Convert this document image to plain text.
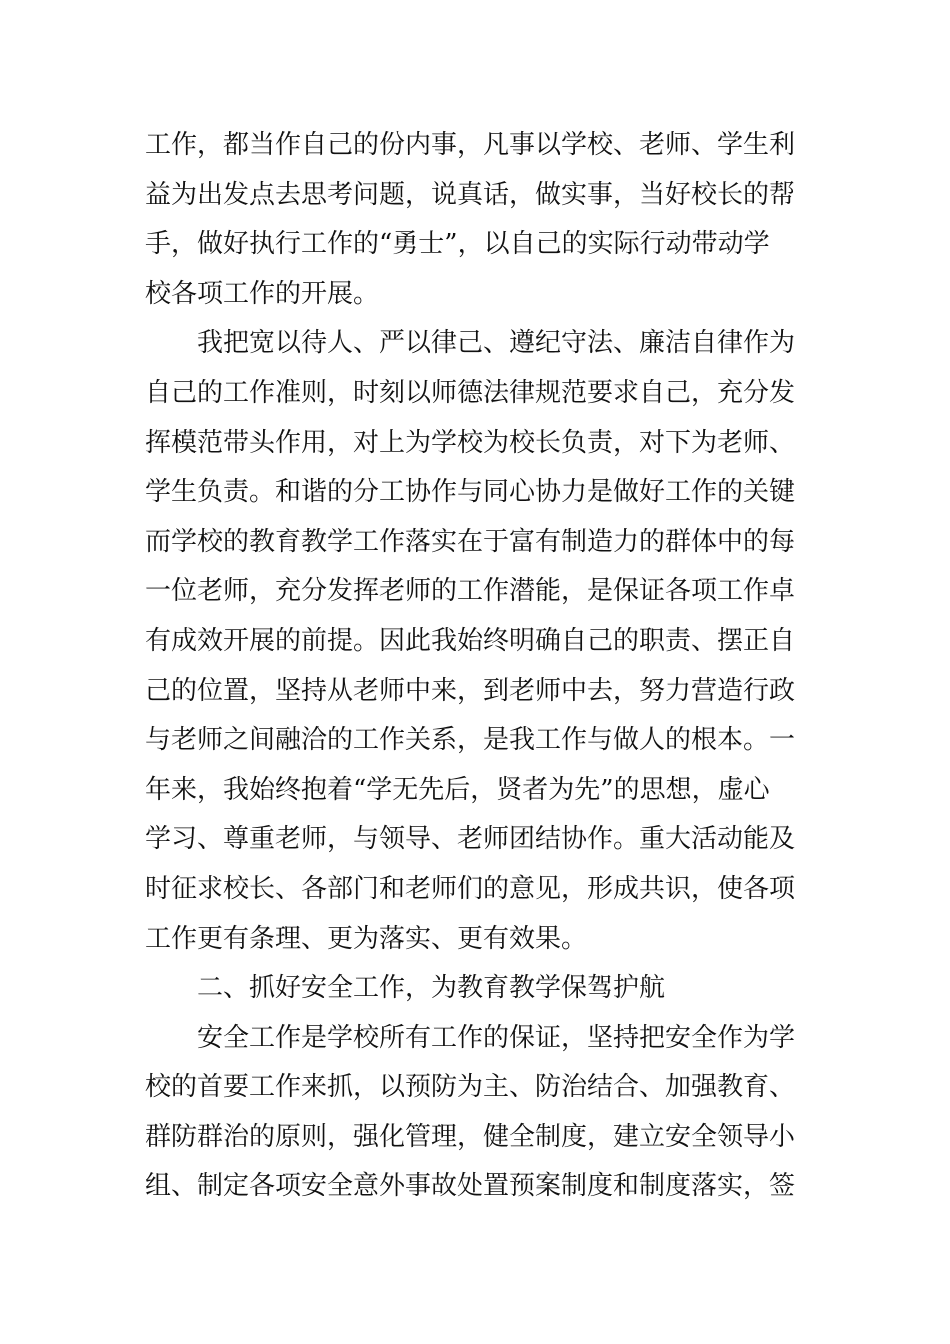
工作，都当作自己的份内事，凡事以学校、老师、学生利
益为出发点去思考问题，说真话，做实事，当好校长的帮
手，做好执行工作的“勇士”，以自己的实际行动带动学
校各项工作的开展。
　　我把宽以待人、严以律己、遵纪守法、廉洁自律作为
自己的工作准则，时刻以师德法律规范要求自己，充分发
挥模范带头作用，对上为学校为校长负责，对下为老师、
学生负责。和谐的分工协作与同心协力是做好工作的关键
而学校的教育教学工作落实在于富有制造力的群体中的每
一位老师，充分发挥老师的工作潜能，是保证各项工作卓
有成效开展的前提。因此我始终明确自己的职责、摆正自
己的位置，坚持从老师中来，到老师中去，努力营造行政
与老师之间融洽的工作关系，是我工作与做人的根本。一
年来，我始终抱着“学无先后，贤者为先”的思想，虚心
学习、尊重老师，与领导、老师团结协作。重大活动能及
时征求校长、各部门和老师们的意见，形成共识，使各项
工作更有条理、更为落实、更有效果。
　　二、抓好安全工作，为教育教学保驾护航
　　安全工作是学校所有工作的保证，坚持把安全作为学
校的首要工作来抓，以预防为主、防治结合、加强教育、
群防群治的原则，强化管理，健全制度，建立安全领导小
组、制定各项安全意外事故处置预案制度和制度落实，签
